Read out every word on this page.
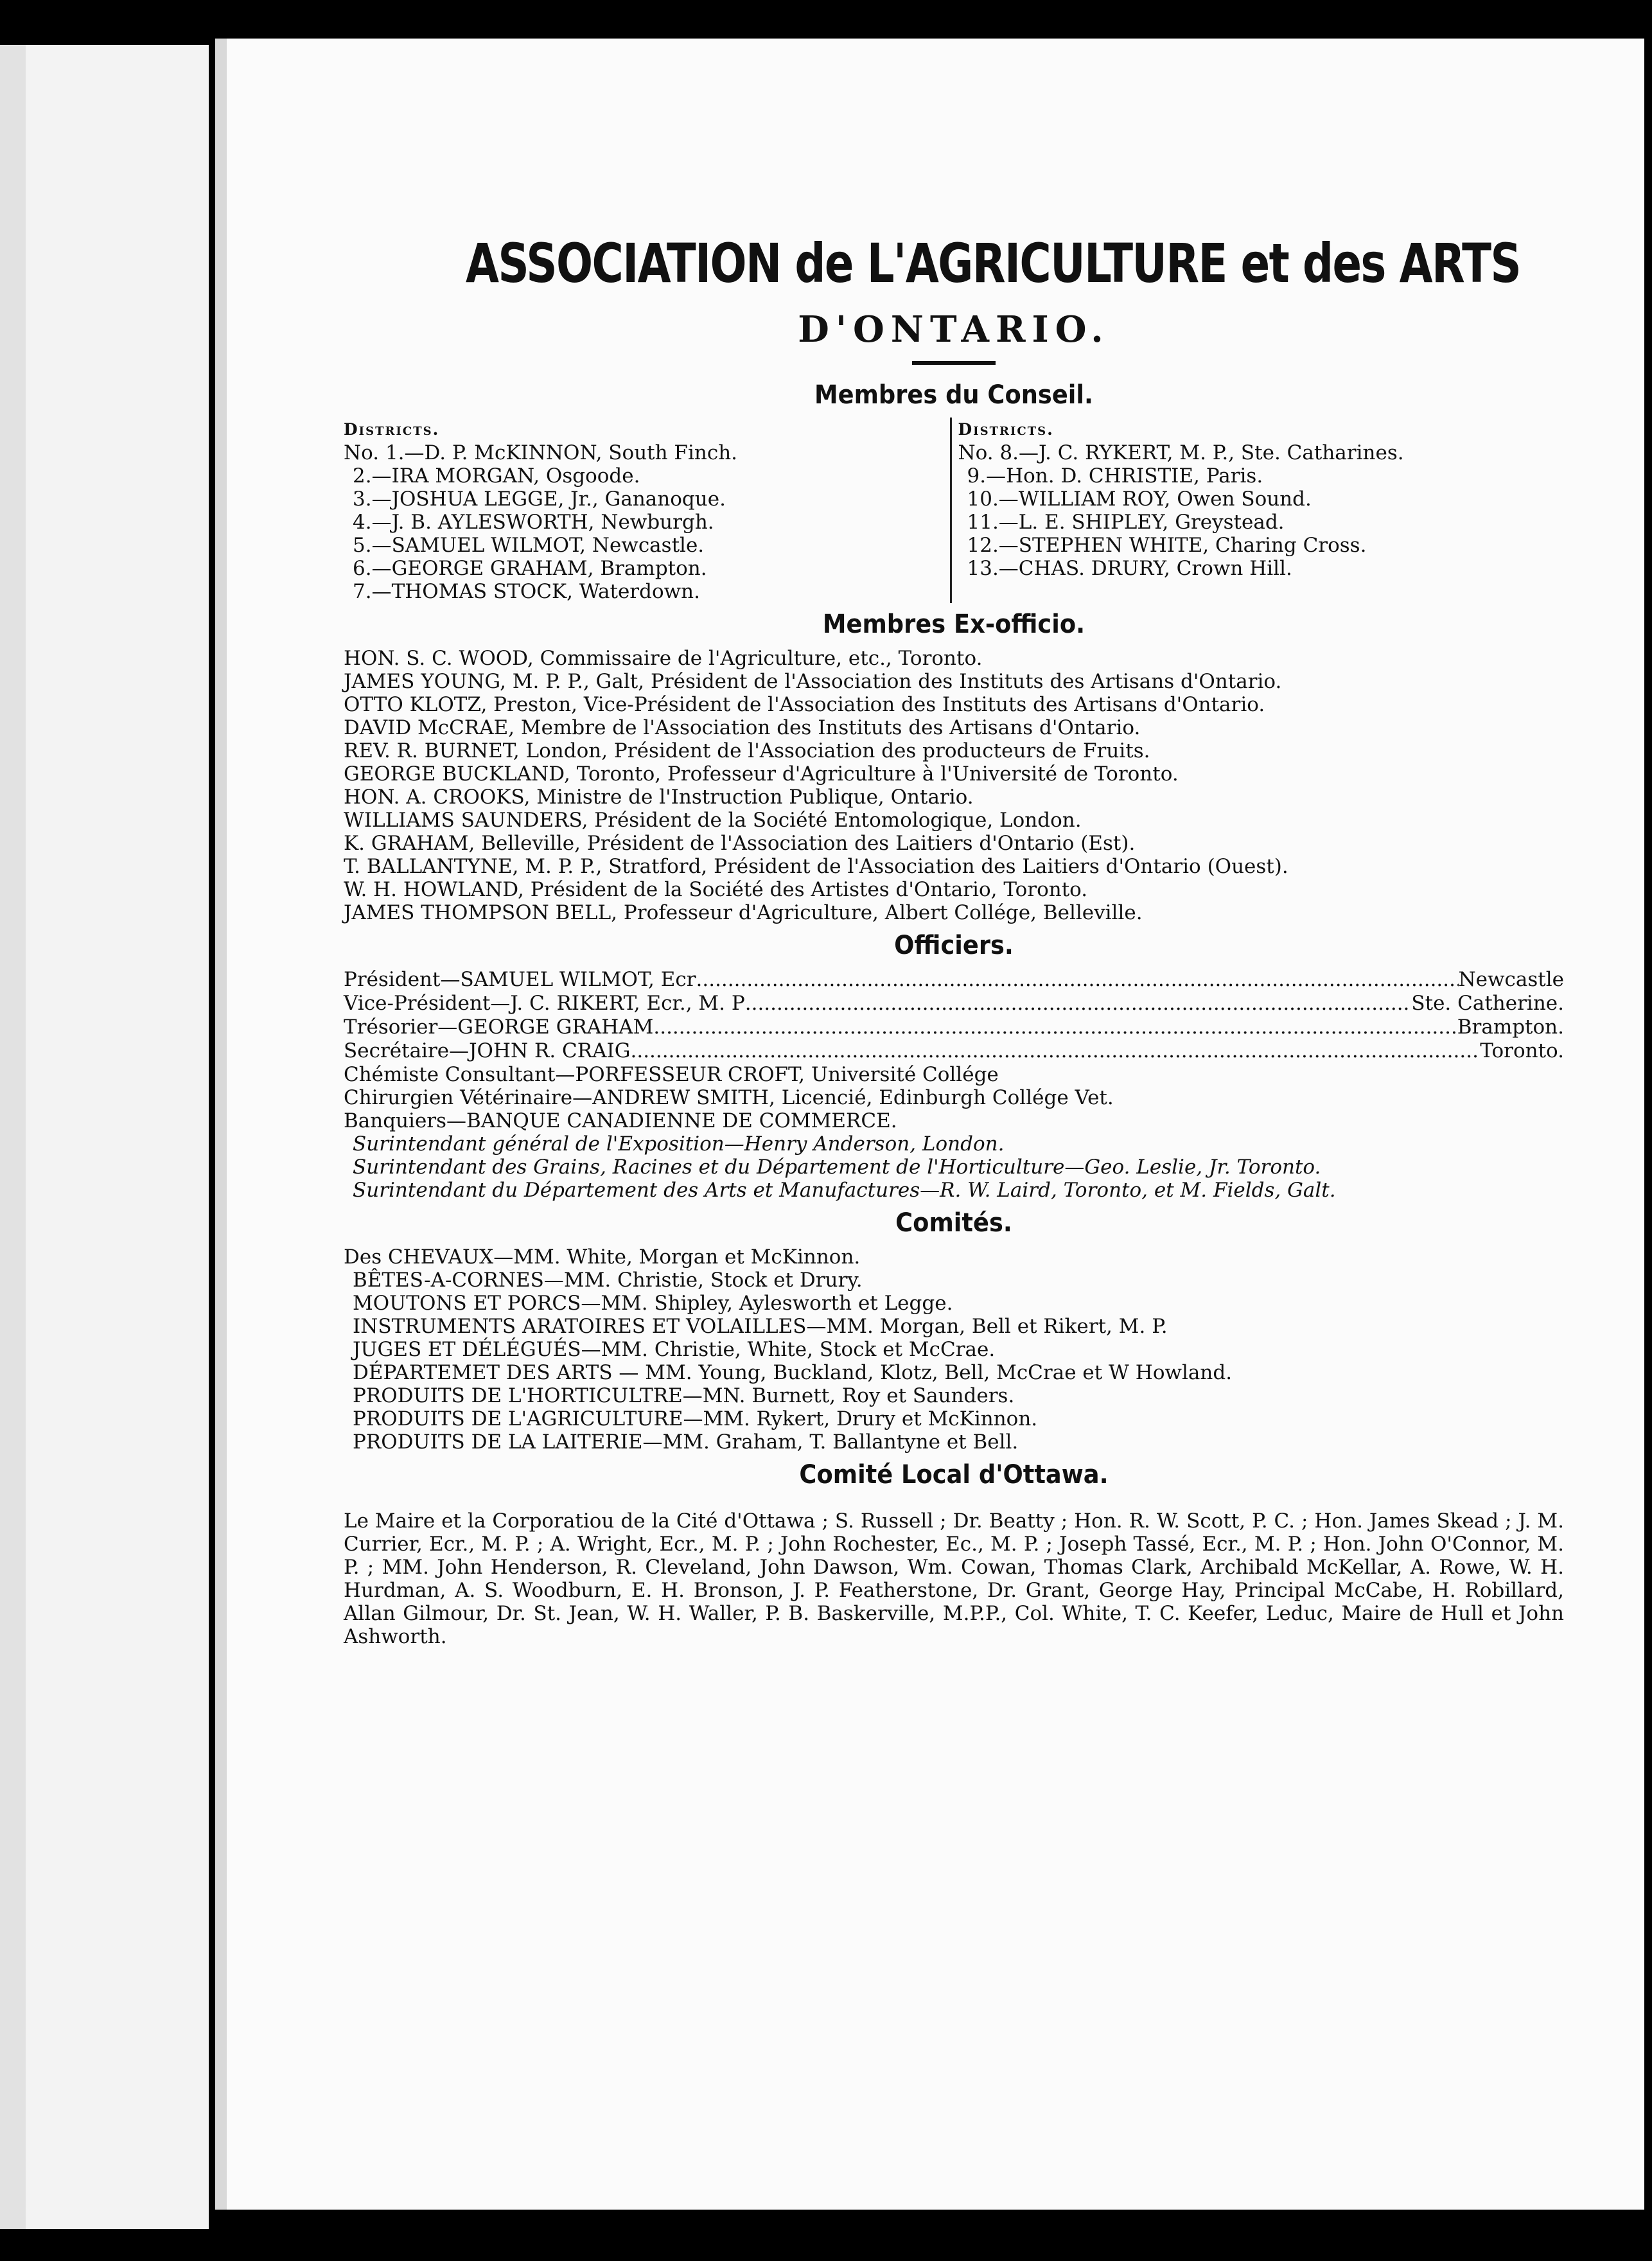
ASSOCIATION de L'AGRICULTURE et des ARTS
D'ONTARIO.
Membres du Conseil.
Districts.

No. 1.—D. P. McKINNON, South Finch.

2.—IRA MORGAN, Osgoode.

3.—JOSHUA LEGGE, Jr., Gananoque.

4.—J. B. AYLESWORTH, Newburgh.

5.—SAMUEL WILMOT, Newcastle.

6.—GEORGE GRAHAM, Brampton.

7.—THOMAS STOCK, Waterdown.

Districts.

No. 8.—J. C. RYKERT, M. P., Ste. Catharines.

9.—Hon. D. CHRISTIE, Paris.

10.—WILLIAM ROY, Owen Sound.

11.—L. E. SHIPLEY, Greystead.

12.—STEPHEN WHITE, Charing Cross.

13.—CHAS. DRURY, Crown Hill.

Membres Ex-officio.

HON. S. C. WOOD, Commissaire de l'Agriculture, etc., Toronto.

JAMES YOUNG, M. P. P., Galt, Président de l'Association des Instituts des Artisans d'Ontario.

OTTO KLOTZ, Preston, Vice-Président de l'Association des Instituts des Artisans d'Ontario.

DAVID McCRAE, Membre de l'Association des Instituts des Artisans d'Ontario.

REV. R. BURNET, London, Président de l'Association des producteurs de Fruits.

GEORGE BUCKLAND, Toronto, Professeur d'Agriculture à l'Université de Toronto.

HON. A. CROOKS, Ministre de l'Instruction Publique, Ontario.

WILLIAMS SAUNDERS, Président de la Société Entomologique, London.

K. GRAHAM, Belleville, Président de l'Association des Laitiers d'Ontario (Est).

T. BALLANTYNE, M. P. P., Stratford, Président de l'Association des Laitiers d'Ontario (Ouest).

W. H. HOWLAND, Président de la Société des Artistes d'Ontario, Toronto.

JAMES THOMPSON BELL, Professeur d'Agriculture, Albert Collége, Belleville.

Officiers.
Président—SAMUEL WILMOT, Ecr .....	Newcastle
Vice-Président—J. C. RIKERT, Ecr., M. P .....	Ste. Catherine.
Trésorier—GEORGE GRAHAM .....	Brampton.
Secrétaire—JOHN R. CRAIG .....	Toronto.

Chémiste Consultant—PORFESSEUR CROFT, Université Collége

Chirurgien Vétérinaire—ANDREW SMITH, Licencié, Edinburgh Collége Vet.

Banquiers—BANQUE CANADIENNE DE COMMERCE.

Surintendant général de l'Exposition—Henry Anderson, London.

Surintendant des Grains, Racines et du Département de l'Horticulture—Geo. Leslie, Jr. Toronto.

Surintendant du Département des Arts et Manufactures—R. W. Laird, Toronto, et M. Fields, Galt.

Comités.

Des CHEVAUX—MM. White, Morgan et McKinnon.

BÊTES-A-CORNES—MM. Christie, Stock et Drury.

MOUTONS ET PORCS—MM. Shipley, Aylesworth et Legge.

INSTRUMENTS ARATOIRES ET VOLAILLES—MM. Morgan, Bell et Rikert, M. P.

JUGES ET DÉLÉGUÉS—MM. Christie, White, Stock et McCrae.

DÉPARTEMET DES ARTS — MM. Young, Buckland, Klotz, Bell, McCrae et W Howland.

PRODUITS DE L'HORTICULTRE—MN. Burnett, Roy et Saunders.

PRODUITS DE L'AGRICULTURE—MM. Rykert, Drury et McKinnon.

PRODUITS DE LA LAITERIE—MM. Graham, T. Ballantyne et Bell.

Comité Local d'Ottawa.

Le Maire et la Corporatiou de la Cité d'Ottawa ; S. Russell ; Dr. Beatty ; Hon. R. W. Scott, P. C. ; Hon. James Skead ; J. M. Currier, Ecr., M. P. ; A. Wright, Ecr., M. P. ; John Rochester, Ec., M. P. ; Joseph Tassé, Ecr., M. P. ; Hon. John O'Connor, M. P. ; MM. John Henderson, R. Cleveland, John Dawson, Wm. Cowan, Thomas Clark, Archibald McKellar, A. Rowe, W. H. Hurdman, A. S. Woodburn, E. H. Bronson, J. P. Featherstone, Dr. Grant, George Hay, Principal McCabe, H. Robillard, Allan Gilmour, Dr. St. Jean, W. H. Waller, P. B. Baskerville, M.P.P., Col. White, T. C. Keefer, Leduc, Maire de Hull et John Ashworth.
